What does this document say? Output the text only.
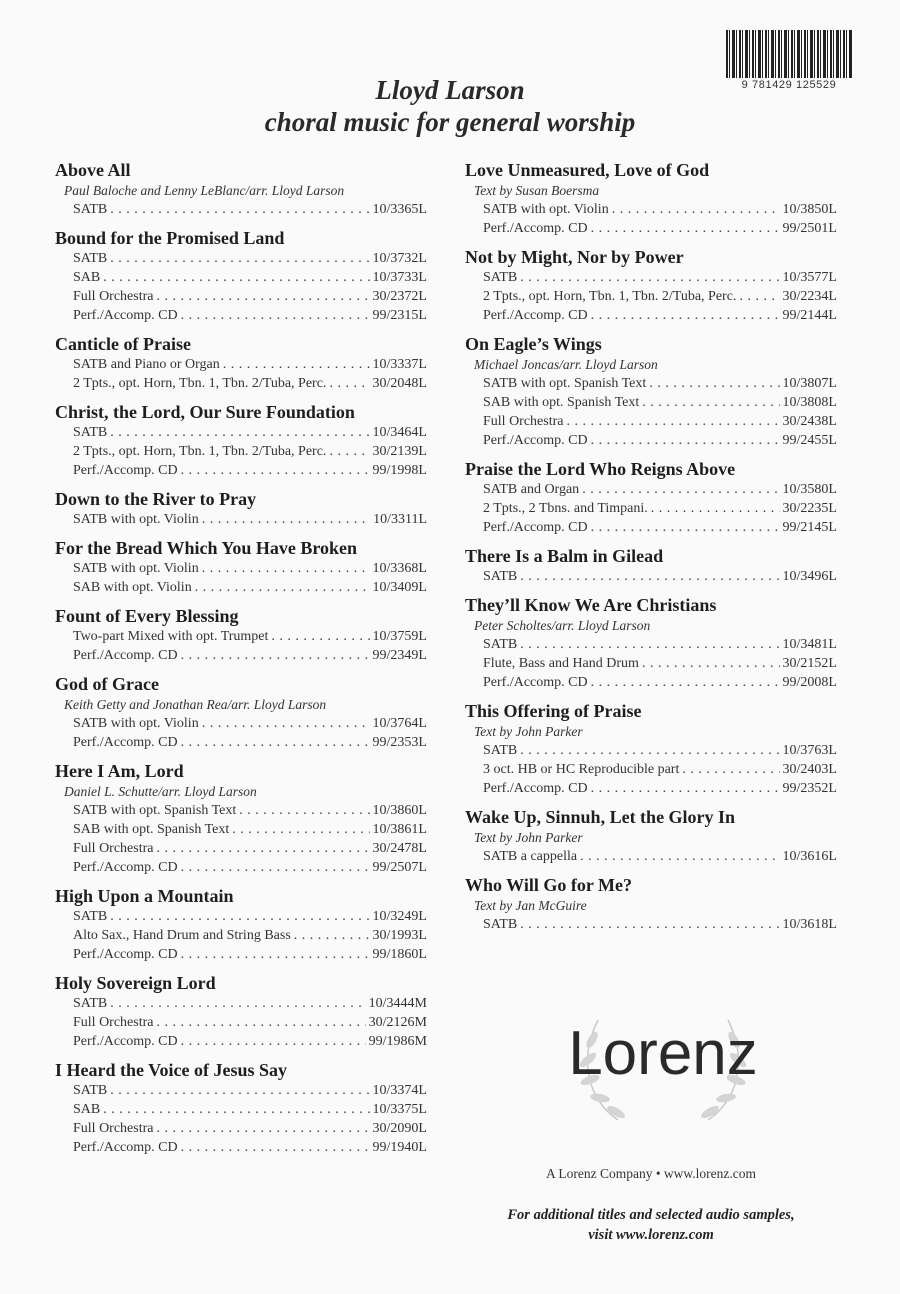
9 781429 125529
Lloyd Larson
choral music for general worship
Above All
Paul Baloche and Lenny LeBlanc/arr. Lloyd Larson
SATB . . .	10/3365L
Bound for the Promised Land
SATB . . .	10/3732L
SAB . . .	10/3733L
Full Orchestra . . .	30/2372L
Perf./Accomp. CD . . .	99/2315L
Canticle of Praise
SATB and Piano or Organ . . .	10/3337L
2 Tpts., opt. Horn, Tbn. 1, Tbn. 2/Tuba, Perc. . . .	30/2048L
Christ, the Lord, Our Sure Foundation
SATB . . .	10/3464L
2 Tpts., opt. Horn, Tbn. 1, Tbn. 2/Tuba, Perc. . . .	30/2139L
Perf./Accomp. CD . . .	99/1998L
Down to the River to Pray
SATB with opt. Violin . . .	10/3311L
For the Bread Which You Have Broken
SATB with opt. Violin . . .	10/3368L
SAB with opt. Violin . . .	10/3409L
Fount of Every Blessing
Two-part Mixed with opt. Trumpet . . .	10/3759L
Perf./Accomp. CD . . .	99/2349L
God of Grace
Keith Getty and Jonathan Rea/arr. Lloyd Larson
SATB with opt. Violin . . .	10/3764L
Perf./Accomp. CD . . .	99/2353L
Here I Am, Lord
Daniel L. Schutte/arr. Lloyd Larson
SATB with opt. Spanish Text . . .	10/3860L
SAB with opt. Spanish Text . . .	10/3861L
Full Orchestra . . .	30/2478L
Perf./Accomp. CD . . .	99/2507L
High Upon a Mountain
SATB . . .	10/3249L
Alto Sax., Hand Drum and String Bass . . .	30/1993L
Perf./Accomp. CD . . .	99/1860L
Holy Sovereign Lord
SATB . . .	10/3444M
Full Orchestra . . .	30/2126M
Perf./Accomp. CD . . .	99/1986M
I Heard the Voice of Jesus Say
SATB . . .	10/3374L
SAB . . .	10/3375L
Full Orchestra . . .	30/2090L
Perf./Accomp. CD . . .	99/1940L
Love Unmeasured, Love of God
Text by Susan Boersma
SATB with opt. Violin . . .	10/3850L
Perf./Accomp. CD . . .	99/2501L
Not by Might, Nor by Power
SATB . . .	10/3577L
2 Tpts., opt. Horn, Tbn. 1, Tbn. 2/Tuba, Perc. . . .	30/2234L
Perf./Accomp. CD . . .	99/2144L
On Eagle’s Wings
Michael Joncas/arr. Lloyd Larson
SATB with opt. Spanish Text . . .	10/3807L
SAB with opt. Spanish Text . . .	10/3808L
Full Orchestra . . .	30/2438L
Perf./Accomp. CD . . .	99/2455L
Praise the Lord Who Reigns Above
SATB and Organ . . .	10/3580L
2 Tpts., 2 Tbns. and Timpani. . . .	30/2235L
Perf./Accomp. CD . . .	99/2145L
There Is a Balm in Gilead
SATB . . .	10/3496L
They’ll Know We Are Christians
Peter Scholtes/arr. Lloyd Larson
SATB . . .	10/3481L
Flute, Bass and Hand Drum . . .	30/2152L
Perf./Accomp. CD . . .	99/2008L
This Offering of Praise
Text by John Parker
SATB . . .	10/3763L
3 oct. HB or HC Reproducible part . . .	30/2403L
Perf./Accomp. CD . . .	99/2352L
Wake Up, Sinnuh, Let the Glory In
Text by John Parker
SATB a cappella . . .	10/3616L
Who Will Go for Me?
Text by Jan McGuire
SATB . . .	10/3618L
Lorenz
A Lorenz Company • www.lorenz.com
For additional titles and selected audio samples,
visit www.lorenz.com
